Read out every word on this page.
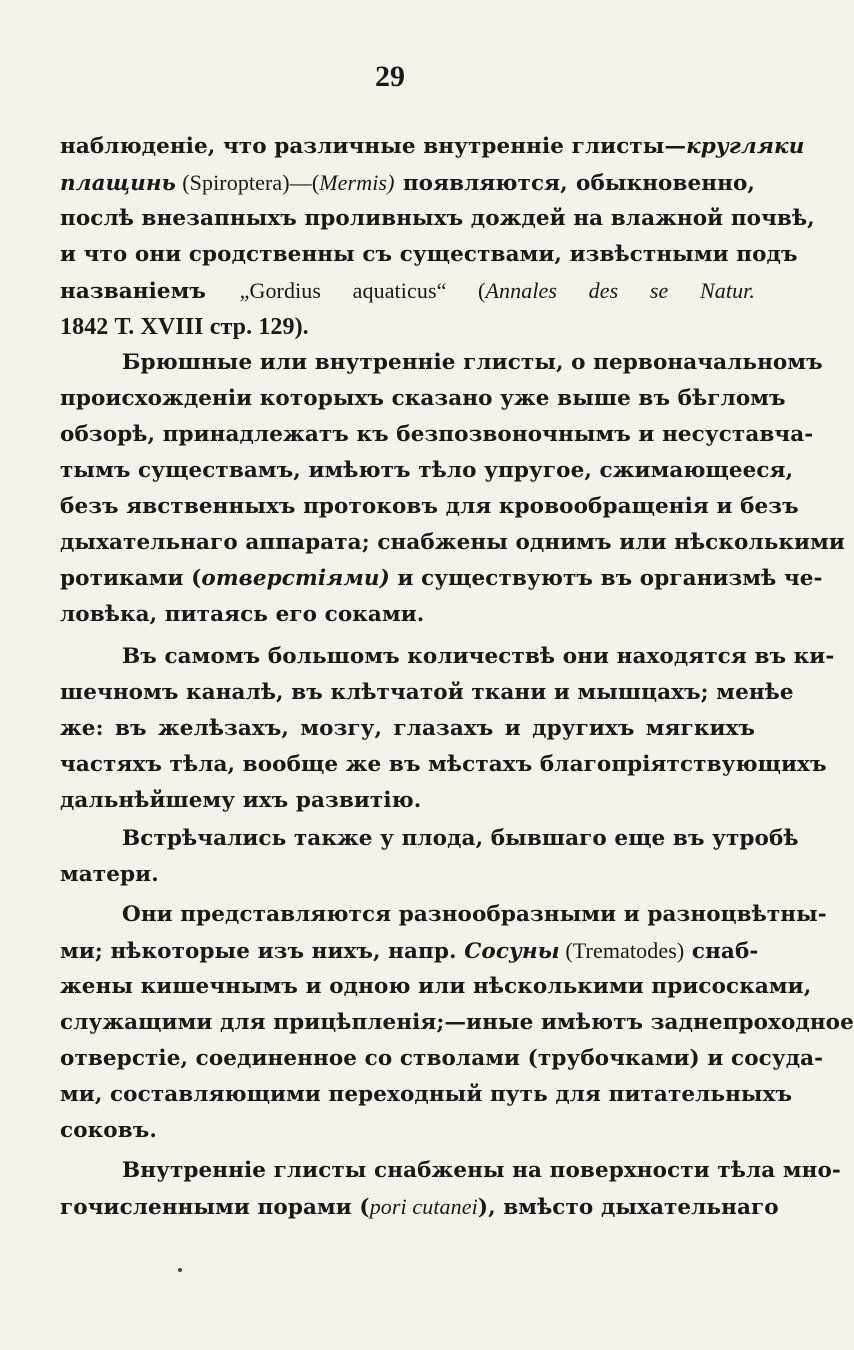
29
наблюденіе, что различные внутренніе глисты—круглякu
плащинь (Spiroptera)—(Mermis) появляются, обыкновенно,
послѣ внезапныхъ проливныхъ дождей на влажной почвѣ,
и что они сродственны съ существами, извѣстными подъ
названіемъ „Gordius aquaticus“ (Annales des se Natur.
1842 Т. XVIII стр. 129).
Брюшные или внутренніе глисты, о первоначальномъ
происхожденіи которыхъ сказано уже выше въ бѣгломъ
обзорѣ, принадлежатъ къ безпозвоночнымъ и несуставча-
тымъ существамъ, имѣютъ тѣло упругое, сжимающееся,
безъ явственныхъ протоковъ для кровообращенія и безъ
дыхательнаго аппарата; снабжены однимъ или нѣсколькими
ротиками (отверстіями) и существуютъ въ организмѣ че-
ловѣка, питаясь его соками.
Въ самомъ большомъ количествѣ они находятся въ ки-
шечномъ каналѣ, въ клѣтчатой ткани и мышцахъ; менѣе
же: въ желѣзахъ, мозгу, глазахъ и другихъ мягкихъ
частяхъ тѣла, вообще же въ мѣстахъ благопріятствующихъ
дальнѣйшему ихъ развитію.
Встрѣчались также у плода, бывшаго еще въ утробѣ
матери.
Они представляются разнообразными и разноцвѣтны-
ми; нѣкоторые изъ нихъ, напр. Сосуны (Trematodes) снаб-
жены кишечнымъ и одною или нѣсколькими присосками,
служащими для прицѣпленія;—иные имѣютъ заднепроходное
отверстіе, соединенное со стволами (трубочками) и сосуда-
ми, составляющими переходный путь для питательныхъ
соковъ.
Внутренніе глисты снабжены на поверхности тѣла мно-
гочисленными порами (pori cutanei), вмѣсто дыхательнаго
